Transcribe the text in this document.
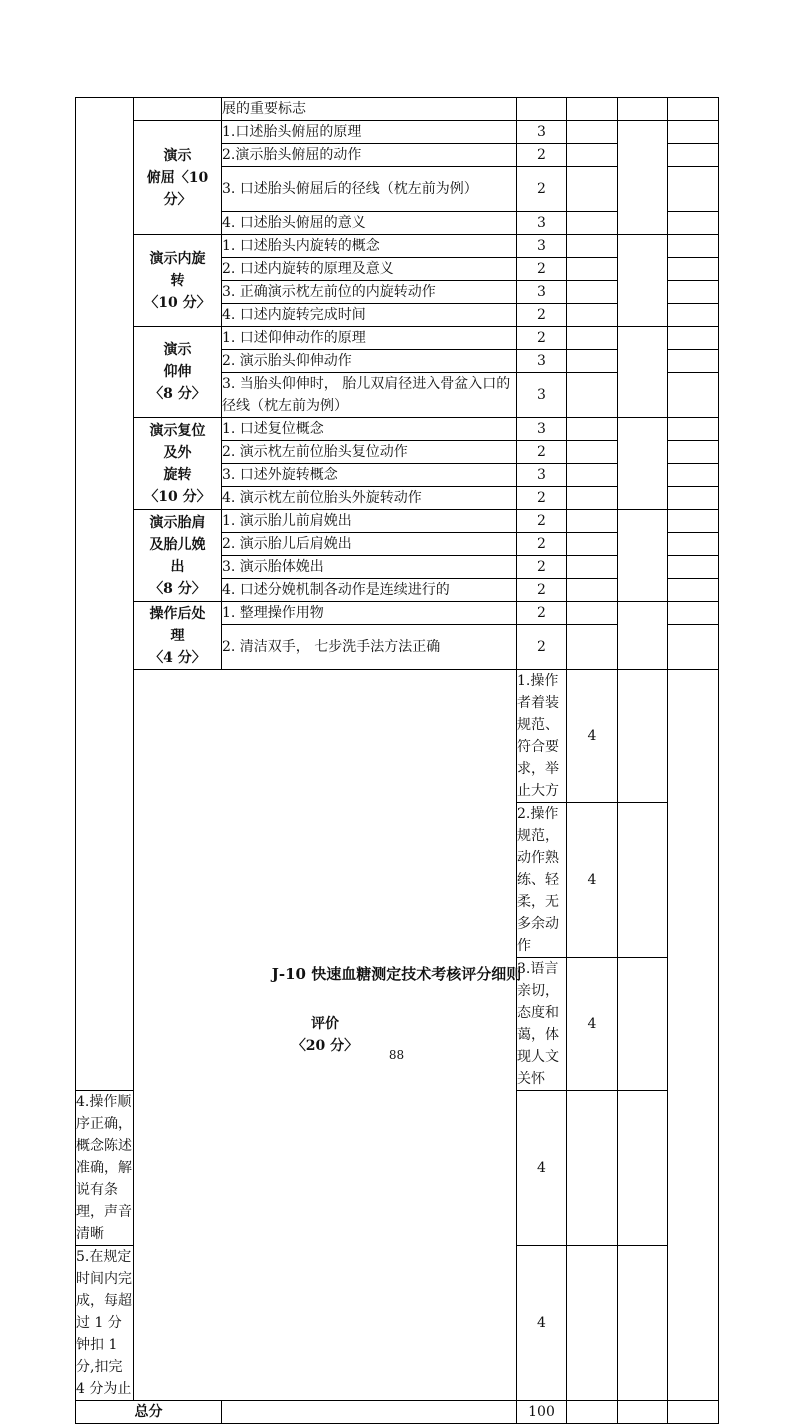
		展的重要标志					

	演示
俯屈〈10
分〉	1.口述胎头俯屈的原理	3				
		2.演示胎头俯屈的动作	2				
		3. 口述胎头俯屈后的径线（枕左前为例）	2				
		4. 口述胎头俯屈的意义	3				

	演示内旋
转
〈10 分〉	1. 口述胎头内旋转的概念	3				
		2. 口述内旋转的原理及意义	2				
		3. 正确演示枕左前位的内旋转动作	3				
		4. 口述内旋转完成时间	2				

	演示
仰伸
〈8 分〉	1. 口述仰伸动作的原理	2				
		2. 演示胎头仰伸动作	3				
		3. 当胎头仰伸时， 胎儿双肩径进入骨盆入口的径线（枕左前为例）	3				

	演示复位
及外
旋转
〈10 分〉	1. 口述复位概念	3				
		2. 演示枕左前位胎头复位动作	2				
		3. 口述外旋转概念	3				
		4. 演示枕左前位胎头外旋转动作	2				

	演示胎肩
及胎儿娩
出
〈8 分〉	1. 演示胎儿前肩娩出	2				
		2. 演示胎儿后肩娩出	2				
		3. 演示胎体娩出	2				
		4. 口述分娩机制各动作是连续进行的	2				

	操作后处
理
〈4 分〉	1. 整理操作用物	2				
		2. 清洁双手， 七步洗手法方法正确	2				

	评价
〈20 分〉		1.操作者着装规范、符合要求，举止大方	4			
			2.操作规范，动作熟练、轻柔，无多余动作	4			
			3.语言亲切，态度和蔼，体现人文关怀	4			
4.操作顺序正确，概念陈述准确，解说有条理，声音清晰			4				
5.在规定时间内完成，每超过 1 分钟扣 1 分,扣完 4 分为止			4				
总分			100				
J-10 快速血糖测定技术考核评分细则
88
